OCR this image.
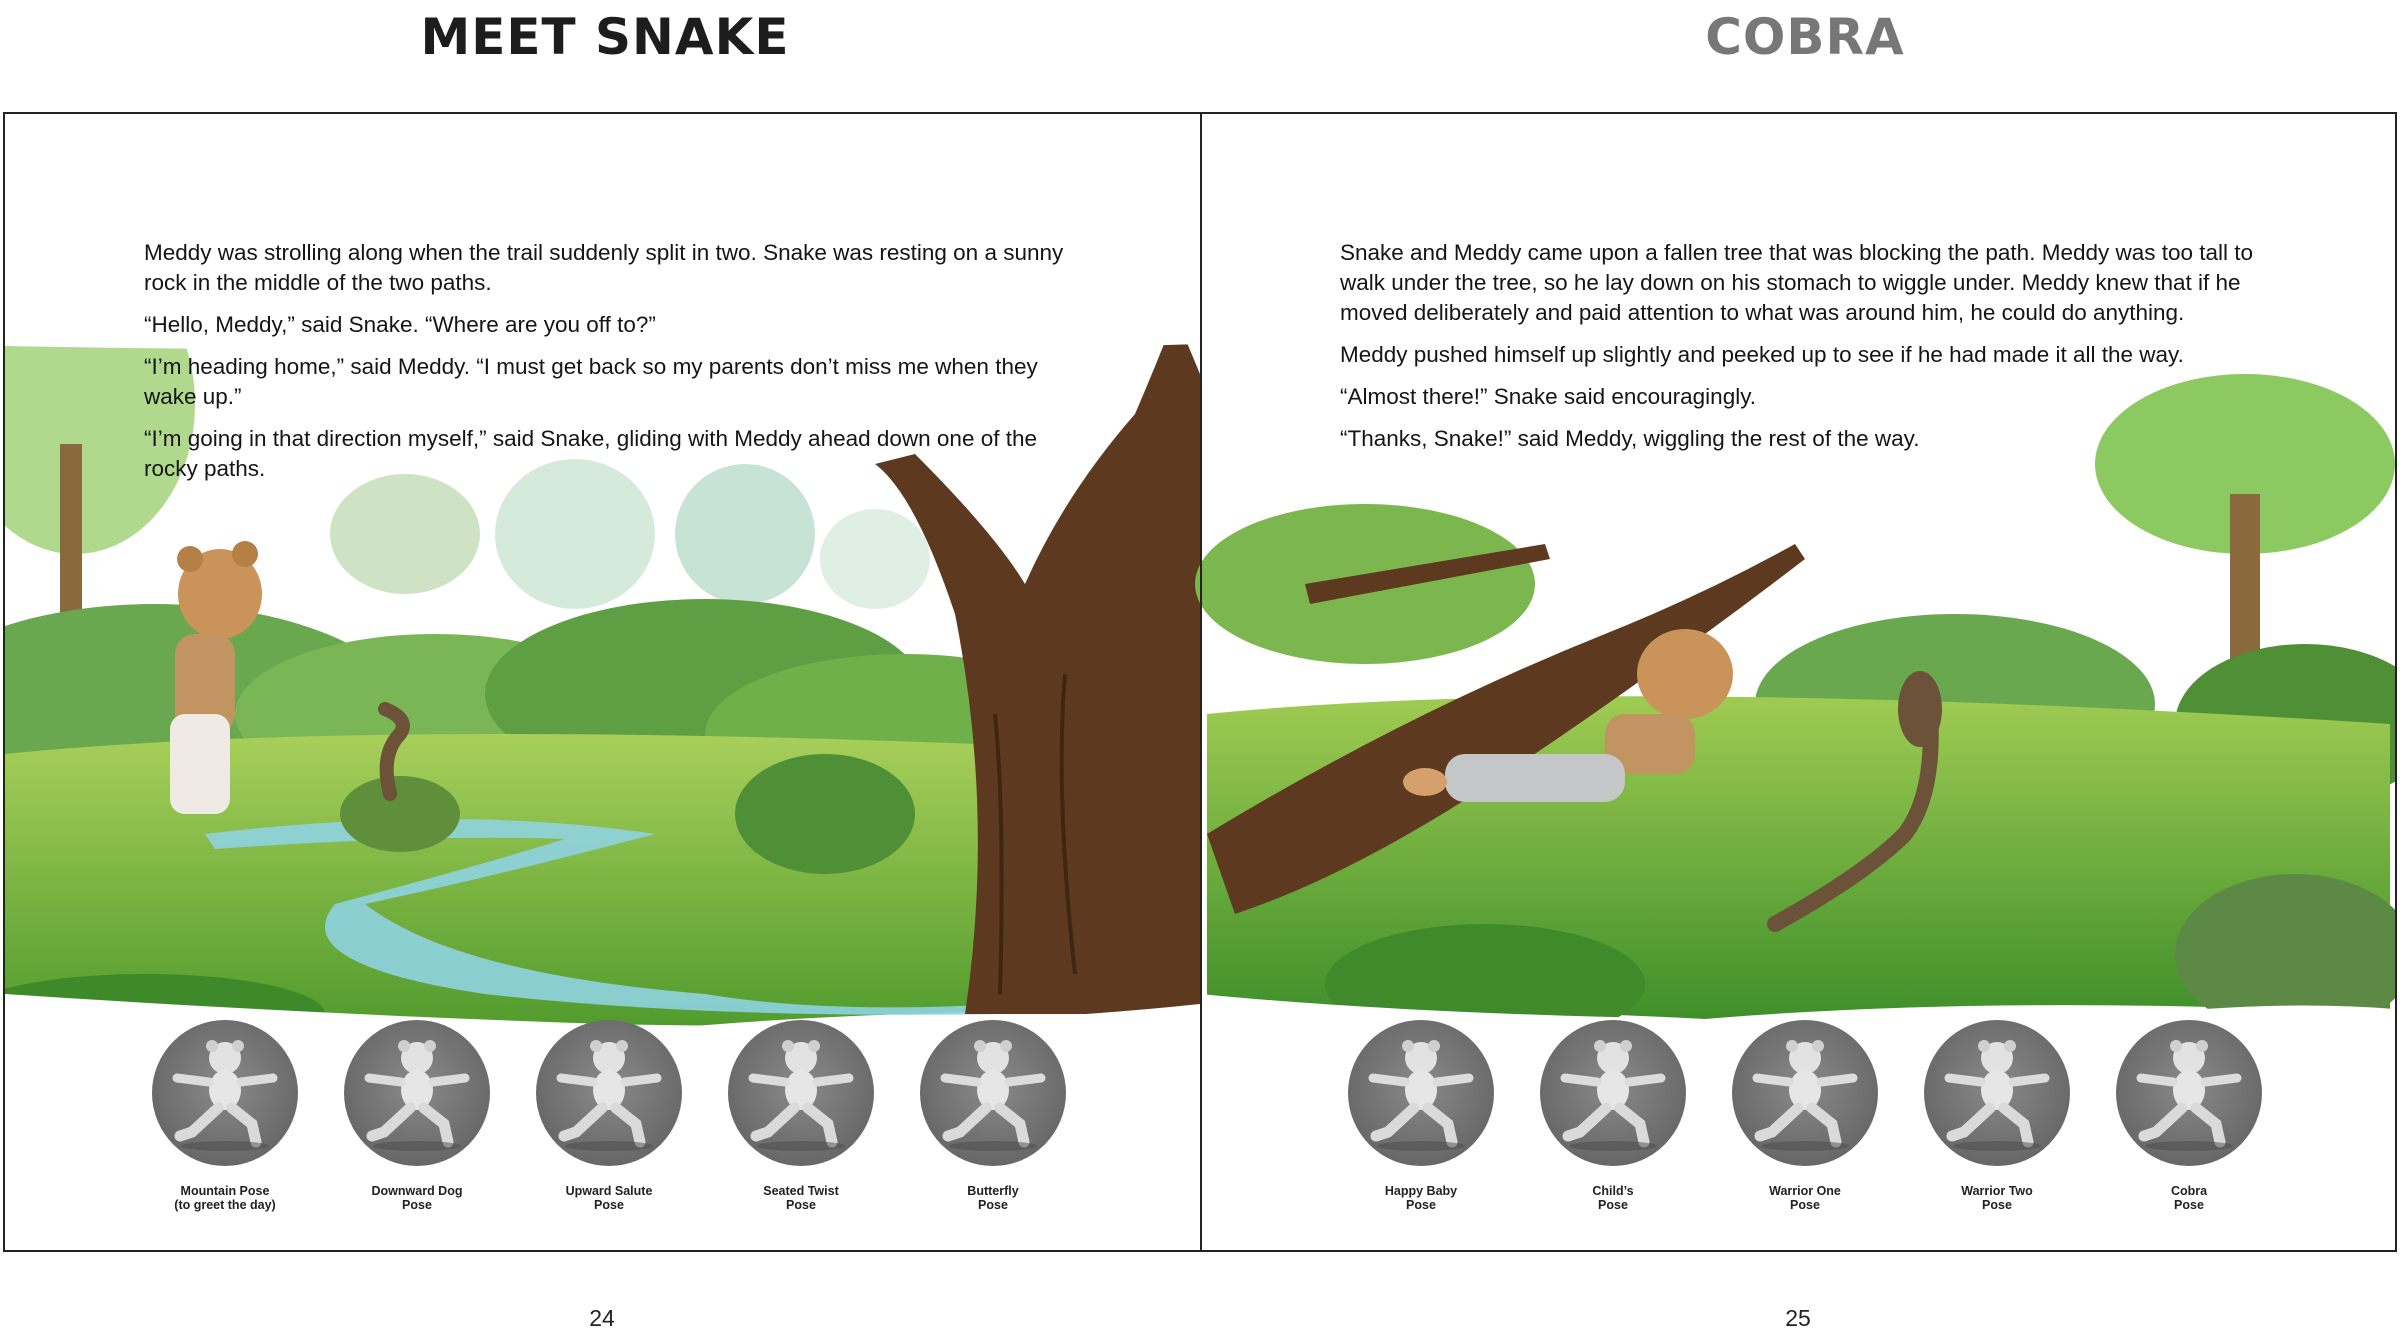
MEET SNAKE	COBRA

Meddy was strolling along when the trail suddenly split in two. Snake was resting on a sunny rock in the middle of the two paths.

“Hello, Meddy,” said Snake. “Where are you off to?”

“I’m heading home,” said Meddy. “I must get back so my parents don’t miss me when they wake up.”

“I’m going in that direction myself,” said Snake, gliding with Meddy ahead down one of the rocky paths.

Snake and Meddy came upon a fallen tree that was blocking the path. Meddy was too tall to walk under the tree, so he lay down on his stomach to wiggle under. Meddy knew that if he moved deliberately and paid attention to what was around him, he could do anything.

Meddy pushed himself up slightly and peeked up to see if he had made it all the way.

“Almost there!” Snake said encouragingly.

“Thanks, Snake!” said Meddy, wiggling the rest of the way.

Mountain Pose
(to greet the day)
Downward Dog
Pose
Upward Salute
Pose
Seated Twist
Pose
Butterfly
Pose
Happy Baby
Pose
Child’s
Pose
Warrior One
Pose
Warrior Two
Pose
Cobra
Pose
24	25
